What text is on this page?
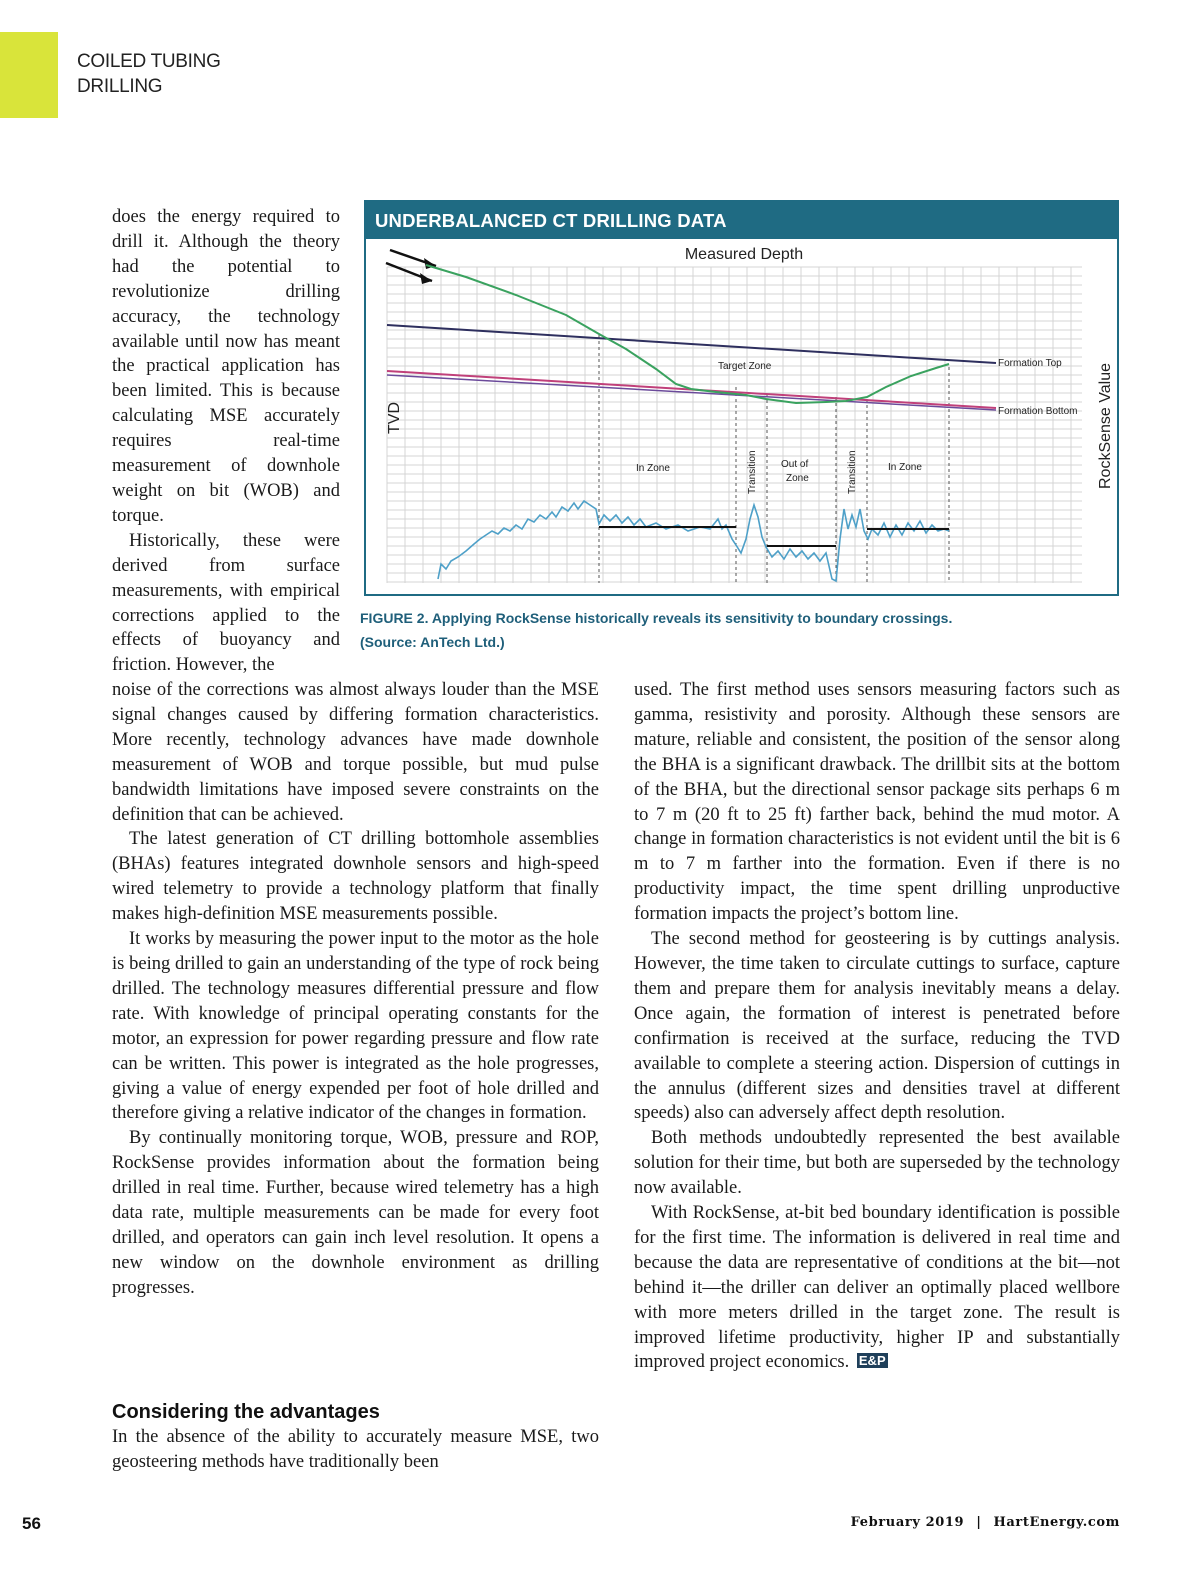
COILED TUBING
DRILLING

does the energy required to drill it. Although the theory had the potential to revolutionize drilling accuracy, the technology available until now has meant the practical application has been limited. This is because calculating MSE accurately requires real-time measurement of downhole weight on bit (WOB) and torque.

Historically, these were derived from surface measurements, with empirical corrections applied to the effects of buoyancy and friction. However, the

UNDERBALANCED CT DRILLING DATA
Measured Depth
TVD	RockSense Value
Target Zone	Formation Top
Formation Bottom
In Zone	Transition Out of
Zone	Transition	In Zone
FIGURE 2. Applying RockSense historically reveals its sensitivity to boundary crossings.
(Source: AnTech Ltd.)

noise of the corrections was almost always louder than the MSE signal changes caused by differing formation characteristics. More recently, technology advances have made downhole measurement of WOB and torque possible, but mud pulse bandwidth limitations have imposed severe constraints on the definition that can be achieved.

The latest generation of CT drilling bottomhole assemblies (BHAs) features integrated downhole sensors and high-speed wired telemetry to provide a technology platform that finally makes high-definition MSE measurements possible.

It works by measuring the power input to the motor as the hole is being drilled to gain an understanding of the type of rock being drilled. The technology measures differential pressure and flow rate. With knowledge of principal operating constants for the motor, an expression for power regarding pressure and flow rate can be written. This power is integrated as the hole progresses, giving a value of energy expended per foot of hole drilled and therefore giving a relative indicator of the changes in formation.

By continually monitoring torque, WOB, pressure and ROP, RockSense provides information about the formation being drilled in real time. Further, because wired telemetry has a high data rate, multiple measurements can be made for every foot drilled, and operators can gain inch level resolution. It opens a new window on the downhole environment as drilling progresses.

Considering the advantages

In the absence of the ability to accurately measure MSE, two geosteering methods have traditionally been

used. The first method uses sensors measuring factors such as gamma, resistivity and porosity. Although these sensors are mature, reliable and consistent, the position of the sensor along the BHA is a significant drawback. The drillbit sits at the bottom of the BHA, but the directional sensor package sits perhaps 6 m to 7 m (20 ft to 25 ft) farther back, behind the mud motor. A change in formation characteristics is not evident until the bit is 6 m to 7 m farther into the formation. Even if there is no productivity impact, the time spent drilling unproductive formation impacts the project’s bottom line.

The second method for geosteering is by cuttings analysis. However, the time taken to circulate cuttings to surface, capture them and prepare them for analysis inevitably means a delay. Once again, the formation of interest is penetrated before confirmation is received at the surface, reducing the TVD available to complete a steering action. Dispersion of cuttings in the annulus (different sizes and densities travel at different speeds) also can adversely affect depth resolution.

Both methods undoubtedly represented the best available solution for their time, but both are superseded by the technology now available.

With RockSense, at-bit bed boundary identification is possible for the first time. The information is delivered in real time and because the data are representative of conditions at the bit—not behind it—the driller can deliver an optimally placed wellbore with more meters drilled in the target zone. The result is improved lifetime productivity, higher IP and substantially improved project economics. E&P

56	February 2019 | HartEnergy.com
